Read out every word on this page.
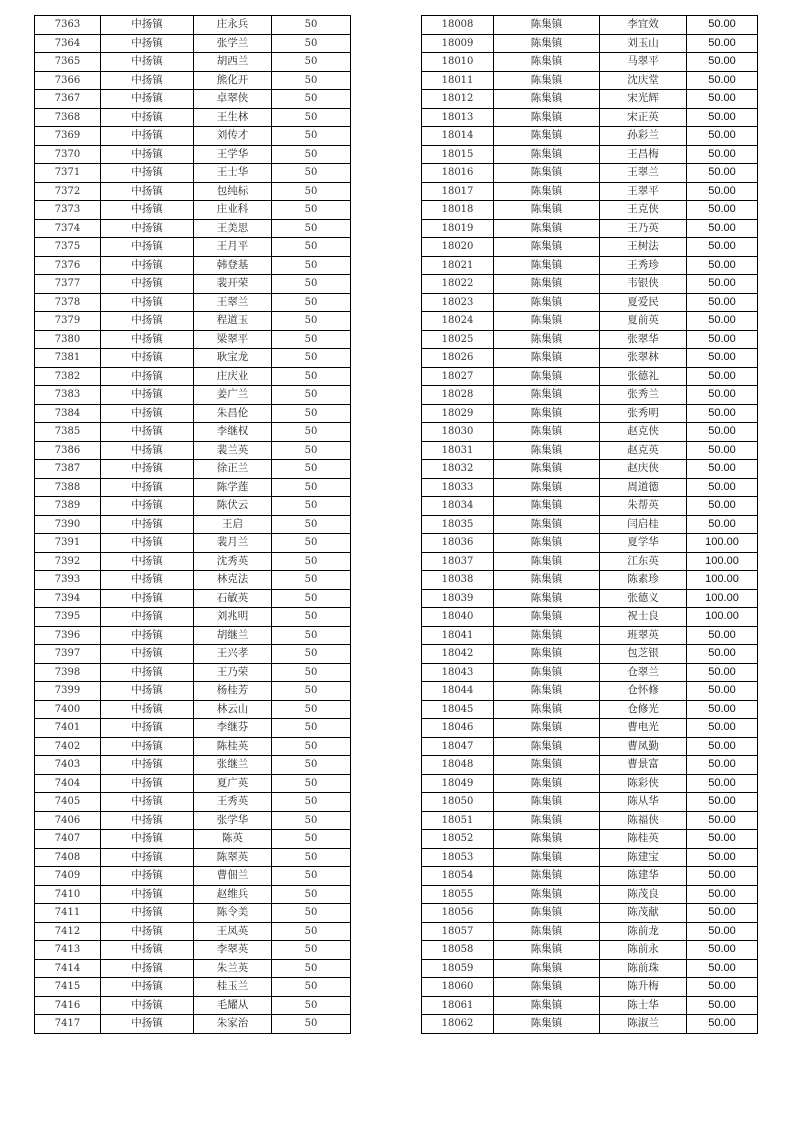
7363	中扬镇	庄永兵	50
7364	中扬镇	张学兰	50
7365	中扬镇	胡西兰	50
7366	中扬镇	熊化开	50
7367	中扬镇	卓翠侠	50
7368	中扬镇	王生林	50
7369	中扬镇	刘传才	50
7370	中扬镇	王学华	50
7371	中扬镇	王士华	50
7372	中扬镇	包纯标	50
7373	中扬镇	庄业科	50
7374	中扬镇	王美思	50
7375	中扬镇	王月平	50
7376	中扬镇	韩登基	50
7377	中扬镇	裴开荣	50
7378	中扬镇	王翠兰	50
7379	中扬镇	程道玉	50
7380	中扬镇	梁翠平	50
7381	中扬镇	耿宝龙	50
7382	中扬镇	庄庆业	50
7383	中扬镇	姜广兰	50
7384	中扬镇	朱昌伦	50
7385	中扬镇	李继权	50
7386	中扬镇	裴兰英	50
7387	中扬镇	徐正兰	50
7388	中扬镇	陈学莲	50
7389	中扬镇	陈伏云	50
7390	中扬镇	王启	50
7391	中扬镇	裴月兰	50
7392	中扬镇	沈秀英	50
7393	中扬镇	林克法	50
7394	中扬镇	石敏英	50
7395	中扬镇	刘兆明	50
7396	中扬镇	胡继兰	50
7397	中扬镇	王兴孝	50
7398	中扬镇	王乃荣	50
7399	中扬镇	杨桂芳	50
7400	中扬镇	林云山	50
7401	中扬镇	李继芬	50
7402	中扬镇	陈桂英	50
7403	中扬镇	张继兰	50
7404	中扬镇	夏广英	50
7405	中扬镇	王秀英	50
7406	中扬镇	张学华	50
7407	中扬镇	陈英	50
7408	中扬镇	陈翠英	50
7409	中扬镇	曹佃兰	50
7410	中扬镇	赵维兵	50
7411	中扬镇	陈令美	50
7412	中扬镇	王凤英	50
7413	中扬镇	李翠英	50
7414	中扬镇	朱兰英	50
7415	中扬镇	桂玉兰	50
7416	中扬镇	毛耀从	50
7417	中扬镇	朱家治	50
18008	陈集镇	李宜效	50.00
18009	陈集镇	刘玉山	50.00
18010	陈集镇	马翠平	50.00
18011	陈集镇	沈庆堂	50.00
18012	陈集镇	宋光辉	50.00
18013	陈集镇	宋正英	50.00
18014	陈集镇	孙彩兰	50.00
18015	陈集镇	王昌梅	50.00
18016	陈集镇	王翠兰	50.00
18017	陈集镇	王翠平	50.00
18018	陈集镇	王克侠	50.00
18019	陈集镇	王乃英	50.00
18020	陈集镇	王树法	50.00
18021	陈集镇	王秀珍	50.00
18022	陈集镇	韦银侠	50.00
18023	陈集镇	夏爱民	50.00
18024	陈集镇	夏前英	50.00
18025	陈集镇	张翠华	50.00
18026	陈集镇	张翠林	50.00
18027	陈集镇	张德礼	50.00
18028	陈集镇	张秀兰	50.00
18029	陈集镇	张秀明	50.00
18030	陈集镇	赵克侠	50.00
18031	陈集镇	赵克英	50.00
18032	陈集镇	赵庆侠	50.00
18033	陈集镇	周道德	50.00
18034	陈集镇	朱帮英	50.00
18035	陈集镇	闫启桂	50.00
18036	陈集镇	夏学华	100.00
18037	陈集镇	江东英	100.00
18038	陈集镇	陈素珍	100.00
18039	陈集镇	张德义	100.00
18040	陈集镇	祝士良	100.00
18041	陈集镇	班翠英	50.00
18042	陈集镇	包芝银	50.00
18043	陈集镇	仓翠兰	50.00
18044	陈集镇	仓怀修	50.00
18045	陈集镇	仓修光	50.00
18046	陈集镇	曹电光	50.00
18047	陈集镇	曹凤勤	50.00
18048	陈集镇	曹景富	50.00
18049	陈集镇	陈彩侠	50.00
18050	陈集镇	陈从华	50.00
18051	陈集镇	陈福侠	50.00
18052	陈集镇	陈桂英	50.00
18053	陈集镇	陈建宝	50.00
18054	陈集镇	陈建华	50.00
18055	陈集镇	陈茂良	50.00
18056	陈集镇	陈茂献	50.00
18057	陈集镇	陈前龙	50.00
18058	陈集镇	陈前永	50.00
18059	陈集镇	陈前珠	50.00
18060	陈集镇	陈升梅	50.00
18061	陈集镇	陈士华	50.00
18062	陈集镇	陈淑兰	50.00
